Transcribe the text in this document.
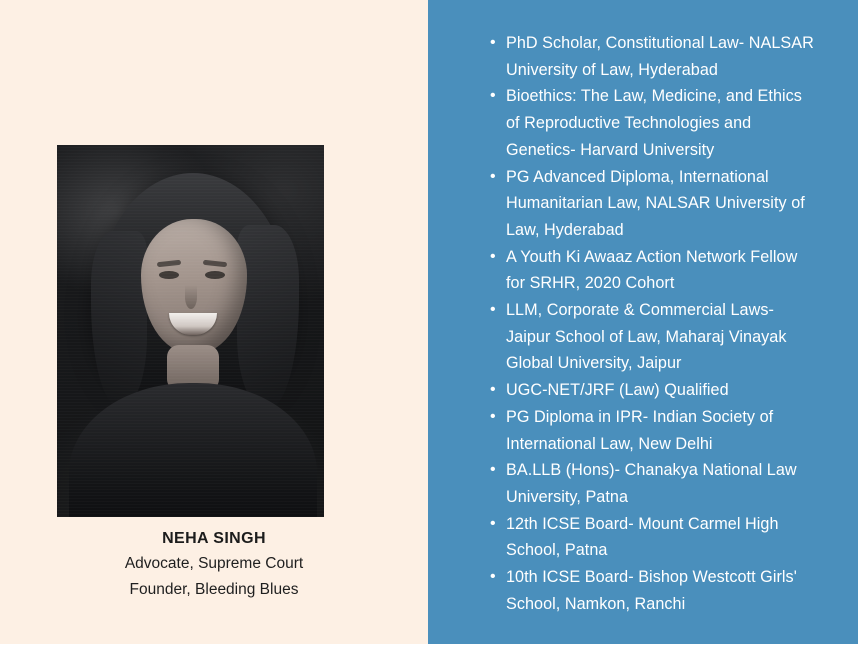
NEHA SINGH

Advocate, Supreme Court

Founder, Bleeding Blues

• PhD Scholar, Constitutional Law- NALSAR University of Law, Hyderabad
• Bioethics: The Law, Medicine, and Ethics of Reproductive Technologies and Genetics- Harvard University
• PG Advanced Diploma, International Humanitarian Law, NALSAR University of Law, Hyderabad
• A Youth Ki Awaaz Action Network Fellow for SRHR, 2020 Cohort
• LLM, Corporate & Commercial Laws- Jaipur School of Law, Maharaj Vinayak Global University, Jaipur
• UGC-NET/JRF (Law) Qualified
• PG Diploma in IPR- Indian Society of International Law, New Delhi
• BA.LLB (Hons)- Chanakya National Law University, Patna
• 12th ICSE Board- Mount Carmel High School, Patna
• 10th ICSE Board- Bishop Westcott Girls' School, Namkon, Ranchi
